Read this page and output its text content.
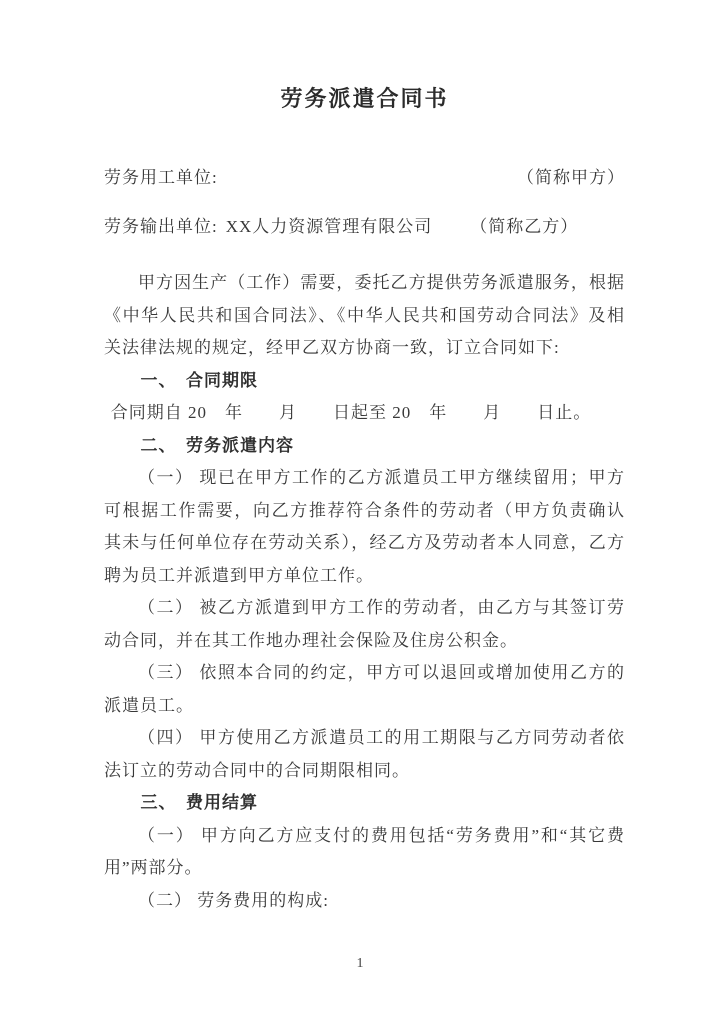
劳务派遣合同书
劳务用工单位:	（简称甲方）
劳务输出单位: XX人力资源管理有限公司 （简称乙方）

甲方因生产（工作）需要，委托乙方提供劳务派遣服务，根据《中华人民共和国合同法》、《中华人民共和国劳动合同法》及相关法律法规的规定，经甲乙双方协商一致，订立合同如下:

一、　合同期限

合同期自 20　年　　月　　日起至 20　年　　月　　日止。

二、　劳务派遣内容

（一） 现已在甲方工作的乙方派遣员工甲方继续留用；甲方可根据工作需要，向乙方推荐符合条件的劳动者（甲方负责确认其未与任何单位存在劳动关系），经乙方及劳动者本人同意，乙方聘为员工并派遣到甲方单位工作。

（二） 被乙方派遣到甲方工作的劳动者，由乙方与其签订劳动合同，并在其工作地办理社会保险及住房公积金。

（三） 依照本合同的约定，甲方可以退回或增加使用乙方的派遣员工。

（四） 甲方使用乙方派遣员工的用工期限与乙方同劳动者依法订立的劳动合同中的合同期限相同。

三、　费用结算

（一） 甲方向乙方应支付的费用包括“劳务费用”和“其它费用”两部分。

（二） 劳务费用的构成:

1
